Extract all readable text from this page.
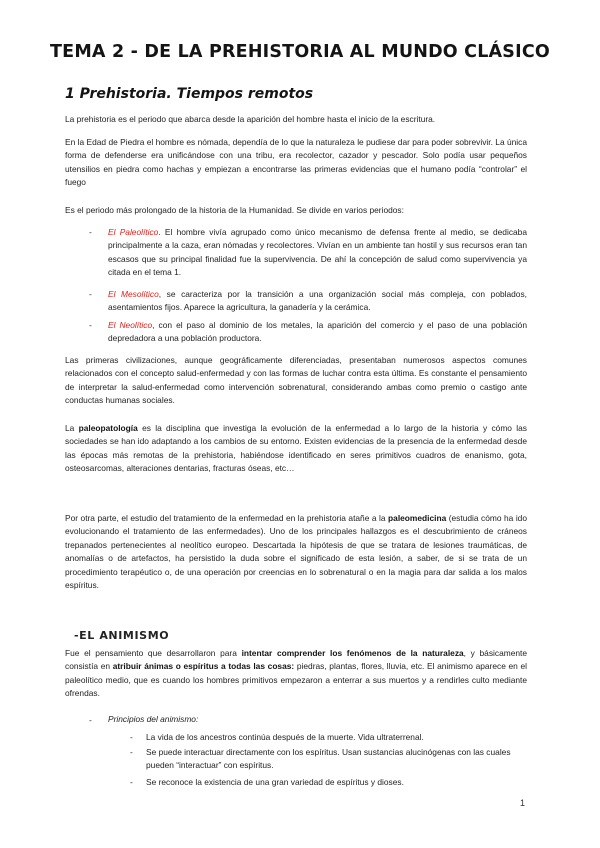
TEMA 2 - DE LA PREHISTORIA AL MUNDO CLÁSICO
1 Prehistoria. Tiempos remotos

La prehistoria es el periodo que abarca desde la aparición del hombre hasta el inicio de la escritura.

En la Edad de Piedra el hombre es nómada, dependía de lo que la naturaleza le pudiese dar para poder sobrevivir. La única forma de defenderse era unificándose con una tribu, era recolector, cazador y pescador. Solo podía usar pequeños utensilios en piedra como hachas y empiezan a encontrarse las primeras evidencias que el humano podía “controlar” el fuego

Es el periodo más prolongado de la historia de la Humanidad. Se divide en varios periodos:

- El Paleolítico. El hombre vivía agrupado como único mecanismo de defensa frente al medio, se dedicaba principalmente a la caza, eran nómadas y recolectores. Vivían en un ambiente tan hostil y sus recursos eran tan escasos que su principal finalidad fue la supervivencia. De ahí la concepción de salud como supervivencia ya citada en el tema 1.

- El Mesolítico, se caracteriza por la transición a una organización social más compleja, con poblados, asentamientos fijos. Aparece la agricultura, la ganadería y la cerámica.

- El Neolítico, con el paso al dominio de los metales, la aparición del comercio y el paso de una población depredadora a una población productora.

Las primeras civilizaciones, aunque geográficamente diferenciadas, presentaban numerosos aspectos comunes relacionados con el concepto salud-enfermedad y con las formas de luchar contra esta última. Es constante el pensamiento de interpretar la salud-enfermedad como intervención sobrenatural, considerando ambas como premio o castigo ante conductas humanas sociales.

La paleopatología es la disciplina que investiga la evolución de la enfermedad a lo largo de la historia y cómo las sociedades se han ido adaptando a los cambios de su entorno. Existen evidencias de la presencia de la enfermedad desde las épocas más remotas de la prehistoria, habiéndose identificado en seres primitivos cuadros de enanismo, gota, osteosarcomas, alteraciones dentarias, fracturas óseas, etc…

Por otra parte, el estudio del tratamiento de la enfermedad en la prehistoria atañe a la paleomedicina (estudia cómo ha ido evolucionando el tratamiento de las enfermedades). Uno de los principales hallazgos es el descubrimiento de cráneos trepanados pertenecientes al neolítico europeo. Descartada la hipótesis de que se tratara de lesiones traumáticas, de anomalías o de artefactos, ha persistido la duda sobre el significado de esta lesión, a saber, de si se trata de un procedimiento terapéutico o, de una operación por creencias en lo sobrenatural o en la magia para dar salida a los malos espíritus.

-EL ANIMISMO

Fue el pensamiento que desarrollaron para intentar comprender los fenómenos de la naturaleza, y básicamente consistía en atribuir ánimas o espíritus a todas las cosas: piedras, plantas, flores, lluvia, etc. El animismo aparece en el paleolítico medio, que es cuando los hombres primitivos empezaron a enterrar a sus muertos y a rendirles culto mediante ofrendas.

- Principios del animismo:
- La vida de los ancestros continúa después de la muerte. Vida ultraterrenal.

- Se puede interactuar directamente con los espíritus. Usan sustancias alucinógenas con las cuales pueden “interactuar” con espíritus.

- Se reconoce la existencia de una gran variedad de espíritus y dioses.

1
